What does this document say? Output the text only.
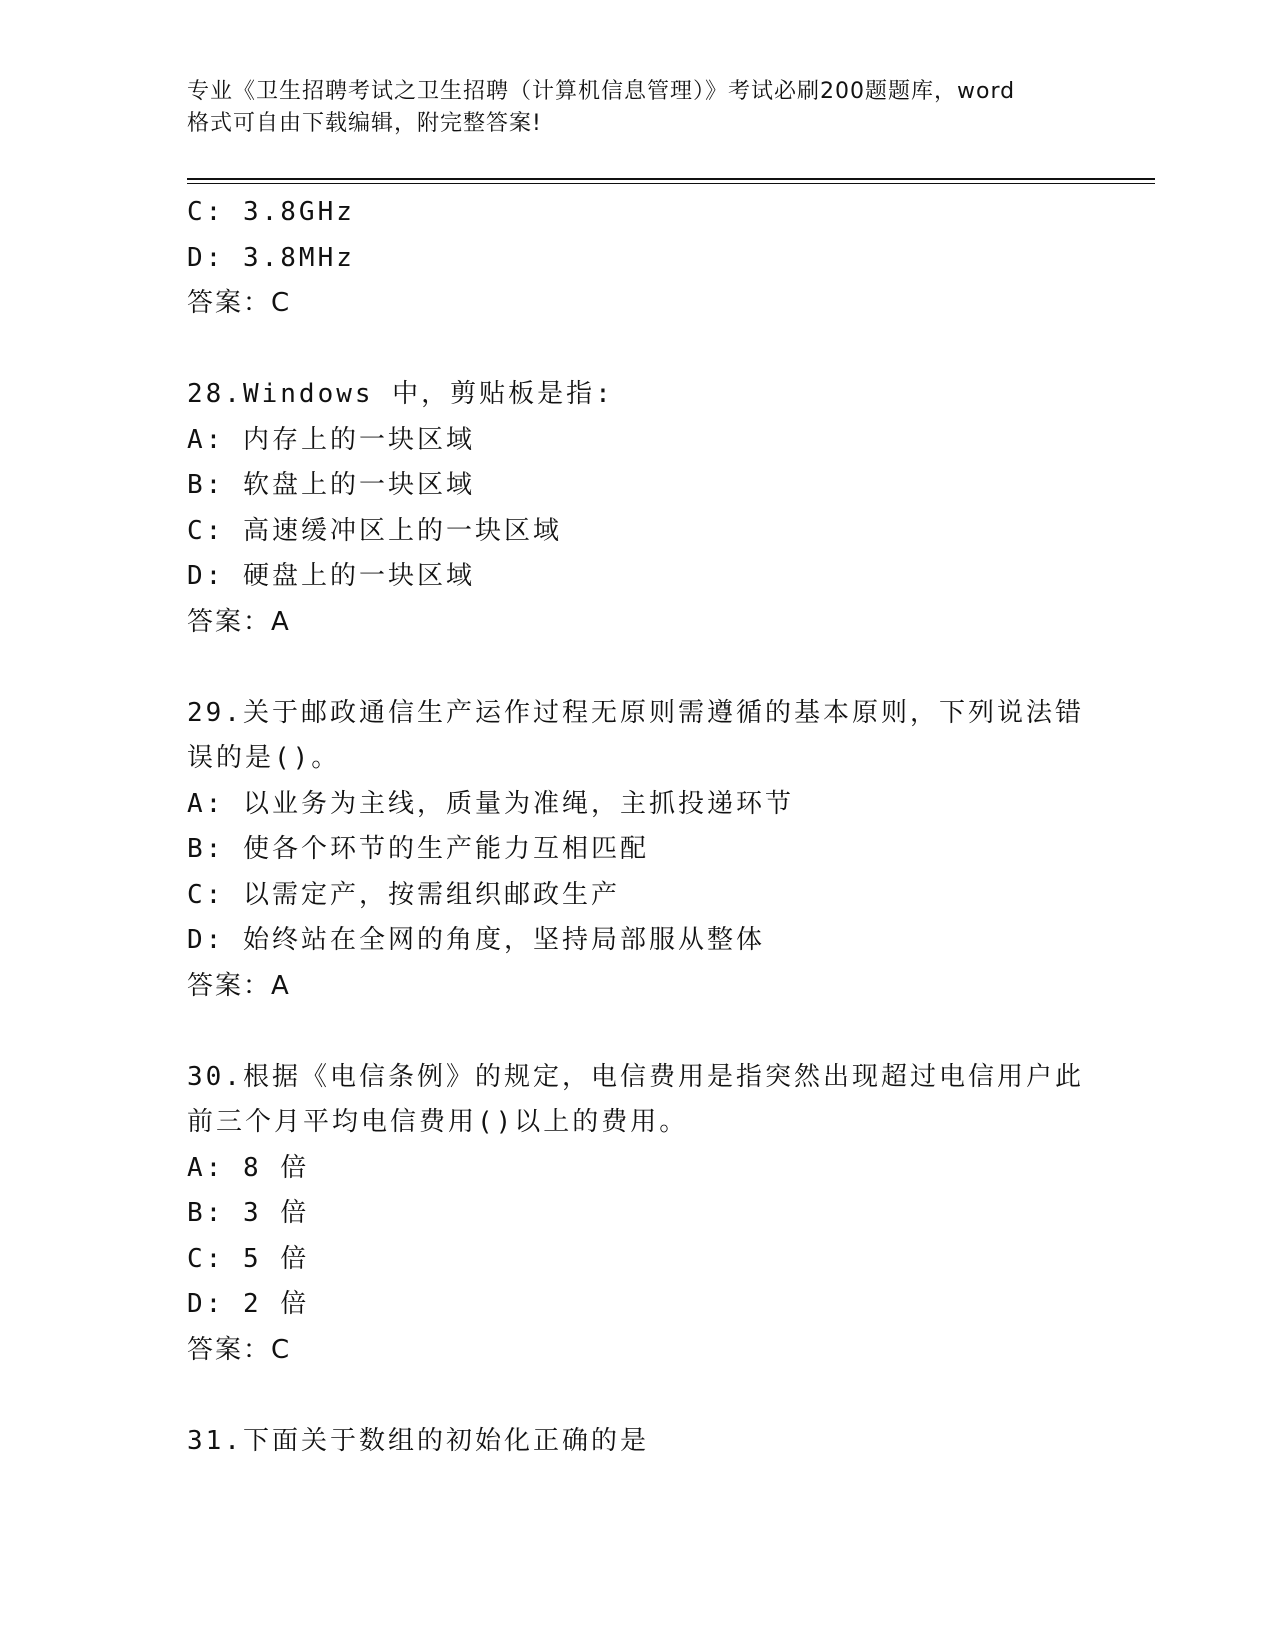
专业《卫生招聘考试之卫生招聘（计算机信息管理）》考试必刷200题题库，word
格式可自由下载编辑，附完整答案!
C: 3.8GHz
D: 3.8MHz
答案：C
28.Windows 中，剪贴板是指:
A: 内存上的一块区域
B: 软盘上的一块区域
C: 高速缓冲区上的一块区域
D: 硬盘上的一块区域
答案：A
29.关于邮政通信生产运作过程无原则需遵循的基本原则，下列说法错
误的是()。
A: 以业务为主线，质量为准绳，主抓投递环节
B: 使各个环节的生产能力互相匹配
C: 以需定产，按需组织邮政生产
D: 始终站在全网的角度，坚持局部服从整体
答案：A
30.根据《电信条例》的规定，电信费用是指突然出现超过电信用户此
前三个月平均电信费用()以上的费用。
A: 8 倍
B: 3 倍
C: 5 倍
D: 2 倍
答案：C
31.下面关于数组的初始化正确的是
